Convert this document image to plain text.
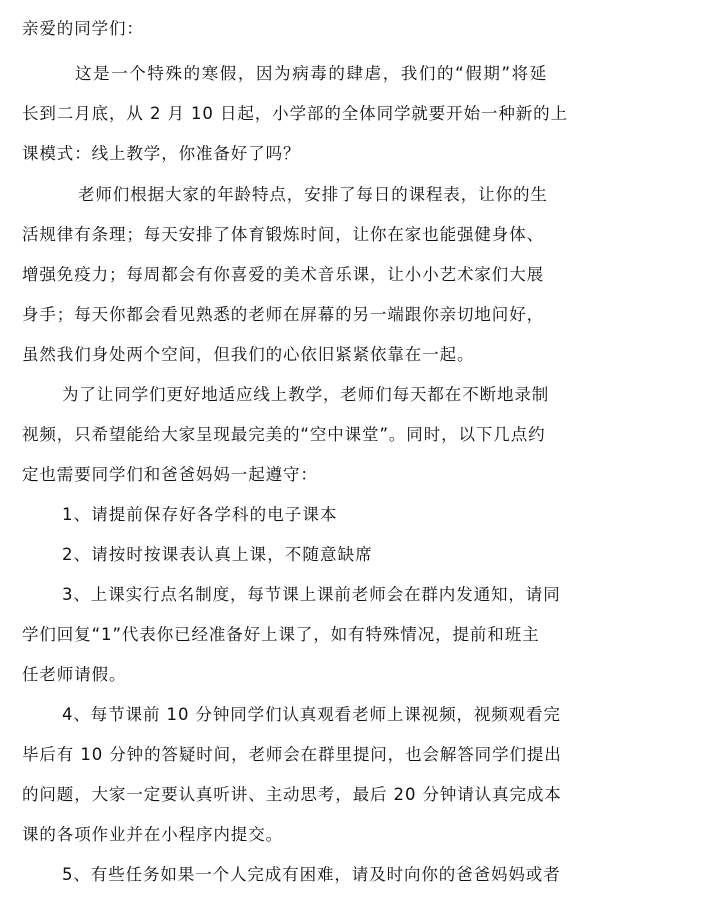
亲爱的同学们：
这是一个特殊的寒假，因为病毒的肆虐，我们的“假期”将延
长到二月底，从 2 月 10 日起，小学部的全体同学就要开始一种新的上
课模式：线上教学，你准备好了吗？
老师们根据大家的年龄特点，安排了每日的课程表，让你的生
活规律有条理；每天安排了体育锻炼时间，让你在家也能强健身体、
增强免疫力；每周都会有你喜爱的美术音乐课，让小小艺术家们大展
身手；每天你都会看见熟悉的老师在屏幕的另一端跟你亲切地问好，
虽然我们身处两个空间，但我们的心依旧紧紧依靠在一起。
为了让同学们更好地适应线上教学，老师们每天都在不断地录制
视频，只希望能给大家呈现最完美的“空中课堂”。同时，以下几点约
定也需要同学们和爸爸妈妈一起遵守：
1、请提前保存好各学科的电子课本
2、请按时按课表认真上课，不随意缺席
3、上课实行点名制度，每节课上课前老师会在群内发通知，请同
学们回复“1”代表你已经准备好上课了，如有特殊情况，提前和班主
任老师请假。
4、每节课前 10 分钟同学们认真观看老师上课视频，视频观看完
毕后有 10 分钟的答疑时间，老师会在群里提问，也会解答同学们提出
的问题，大家一定要认真听讲、主动思考，最后 20 分钟请认真完成本
课的各项作业并在小程序内提交。
5、有些任务如果一个人完成有困难，请及时向你的爸爸妈妈或者
